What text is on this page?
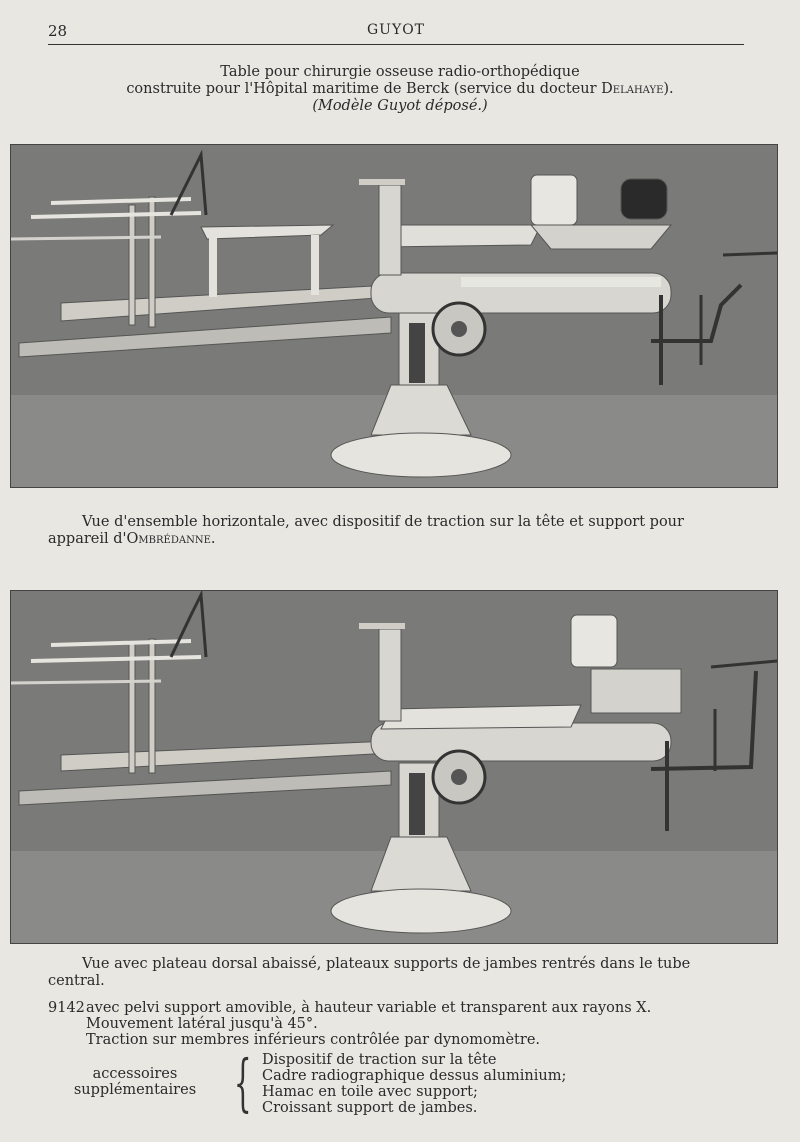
28	GUYOT
Table pour chirurgie osseuse radio-orthopédique
construite pour l'Hôpital maritime de Berck (service du docteur Delahaye).
(Modèle Guyot déposé.)
Vue d'ensemble horizontale, avec dispositif de traction sur la tête et support pour
appareil d'Ombrédanne.
Vue avec plateau dorsal abaissé, plateaux supports de jambes rentrés dans le tube
central.
9142avec pelvi support amovible, à hauteur variable et transparent aux rayons X.
Mouvement latéral jusqu'à 45°.
Traction sur membres inférieurs contrôlée par dynomomètre.
accessoires
supplémentaires { Dispositif de traction sur la tête
Cadre radiographique dessus aluminium;
Hamac en toile avec support;
Croissant support de jambes.
